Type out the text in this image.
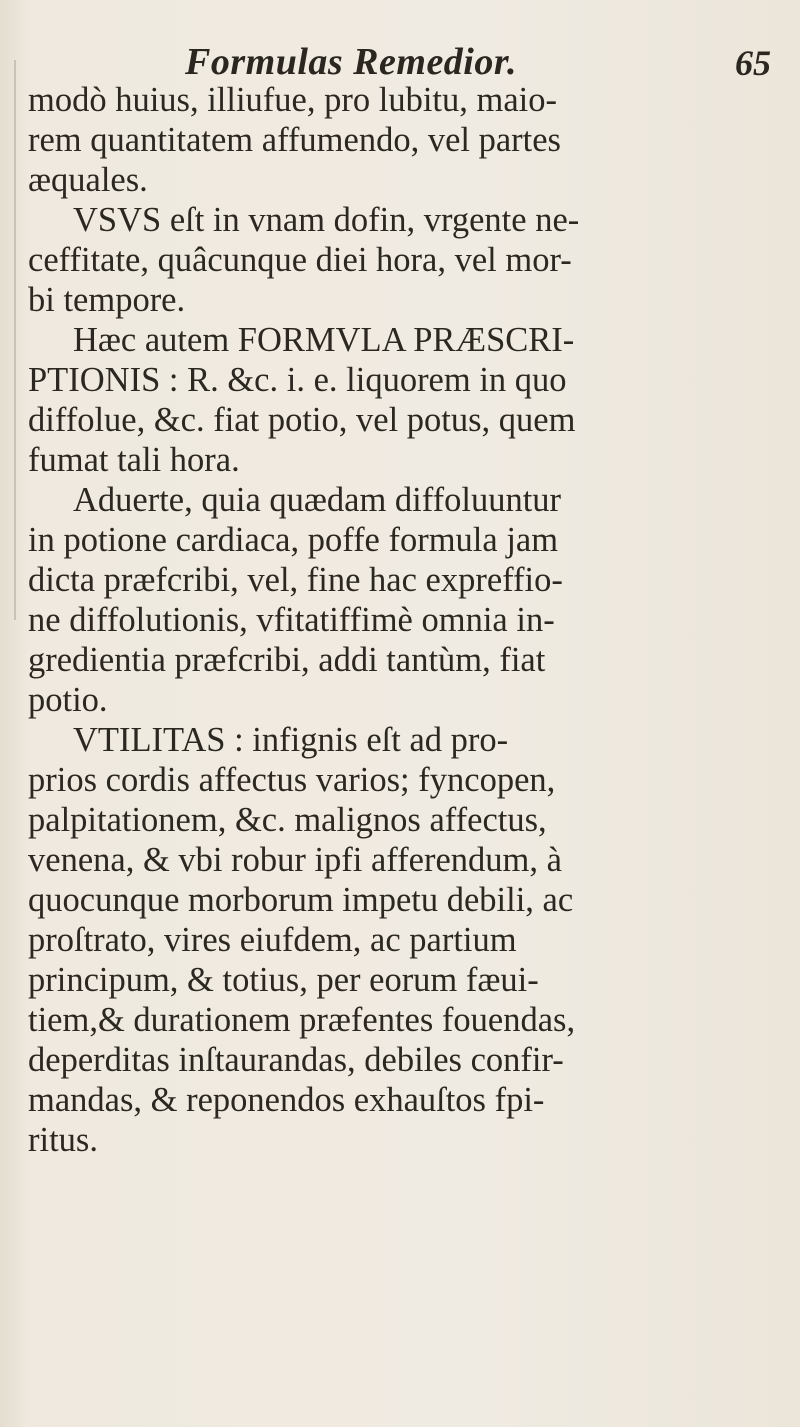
Formulas Remedior.	65
modò huius, illiufue, pro lubitu, maio-
rem quantitatem affumendo, vel partes
æquales.
VSVS eſt in vnam dofin, vrgente ne-
ceffitate, quâcunque diei hora, vel mor-
bi tempore.
Hæc autem FORMVLA PRÆSCRI-
PTIONIS : R. &c. i. e. liquorem in quo
diffolue, &c. fiat potio, vel potus, quem
fumat tali hora.
Aduerte, quia quædam diffoluuntur
in potione cardiaca, poffe formula jam
dicta præfcribi, vel, fine hac expreffio-
ne diffolutionis, vfitatiffimè omnia in-
gredientia præfcribi, addi tantùm, fiat
potio.
VTILITAS : infignis eſt ad pro-
prios cordis affectus varios; fyncopen,
palpitationem, &c. malignos affectus,
venena, & vbi robur ipfi afferendum, à
quocunque morborum impetu debili, ac
proſtrato, vires eiufdem, ac partium
principum, & totius, per eorum fæui-
tiem,& durationem præfentes fouendas,
deperditas inſtaurandas, debiles confir-
mandas, & reponendos exhauſtos fpi-
ritus.
